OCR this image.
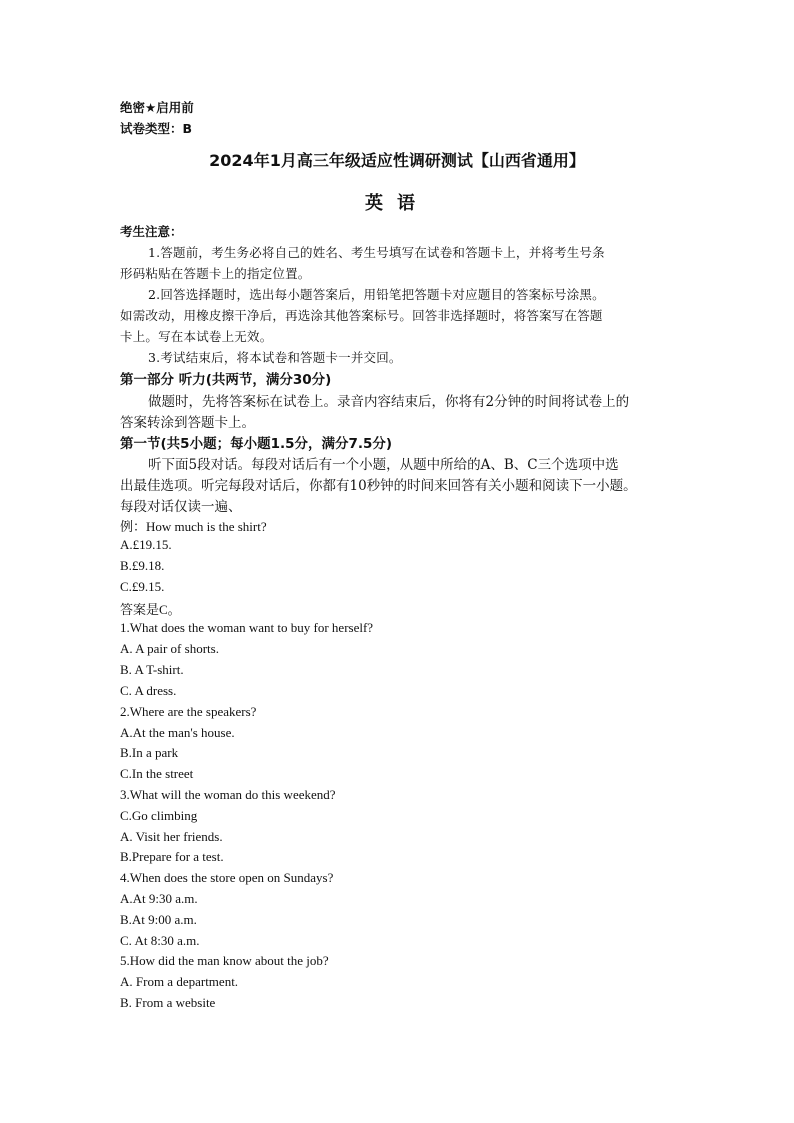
绝密★启用前
试卷类型：B
2024年1月高三年级适应性调研测试【山西省通用】
英语
考生注意：
1.答题前，考生务必将自己的姓名、考生号填写在试卷和答题卡上，并将考生号条
形码粘贴在答题卡上的指定位置。
2.回答选择题时，选出每小题答案后，用铅笔把答题卡对应题目的答案标号涂黑。
如需改动，用橡皮擦干净后，再选涂其他答案标号。回答非选择题时，将答案写在答题
卡上。写在本试卷上无效。
3.考试结束后，将本试卷和答题卡一并交回。
第一部分 听力(共两节，满分30分)
做题时，先将答案标在试卷上。录音内容结束后，你将有2分钟的时间将试卷上的
答案转涂到答题卡上。
第一节(共5小题；每小题1.5分，满分7.5分)
听下面5段对话。每段对话后有一个小题，从题中所给的A、B、C三个选项中选
出最佳选项。听完每段对话后，你都有10秒钟的时间来回答有关小题和阅读下一小题。
每段对话仅读一遍、
例：How much is the shirt?
A.£19.15.
B.£9.18.
C.£9.15.
答案是C。
1.What does the woman want to buy for herself?
A. A pair of shorts.
B. A T-shirt.
C. A dress.
2.Where are the speakers?
A.At the man's house.
B.In a park
C.In the street
3.What will the woman do this weekend?
C.Go climbing
A. Visit her friends.
B.Prepare for a test.
4.When does the store open on Sundays?
A.At 9:30 a.m.
B.At 9:00 a.m.
C. At 8:30 a.m.
5.How did the man know about the job?
A. From a department.
B. From a website
